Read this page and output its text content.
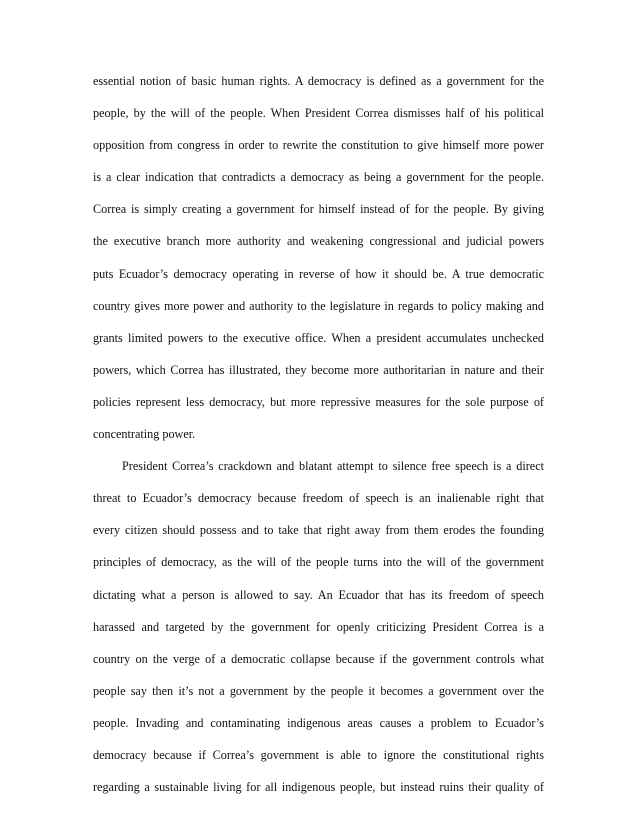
essential notion of basic human rights. A democracy is defined as a government for the
people, by the will of the people. When President Correa dismisses half of his political
opposition from congress in order to rewrite the constitution to give himself more power
is a clear indication that contradicts a democracy as being a government for the people.
Correa is simply creating a government for himself instead of for the people. By giving
the executive branch more authority and weakening congressional and judicial powers
puts Ecuador’s democracy operating in reverse of how it should be. A true democratic
country gives more power and authority to the legislature in regards to policy making and
grants limited powers to the executive office. When a president accumulates unchecked
powers, which Correa has illustrated, they become more authoritarian in nature and their
policies represent less democracy, but more repressive measures for the sole purpose of
concentrating power.
President Correa’s crackdown and blatant attempt to silence free speech is a direct
threat to Ecuador’s democracy because freedom of speech is an inalienable right that
every citizen should possess and to take that right away from them erodes the founding
principles of democracy, as the will of the people turns into the will of the government
dictating what a person is allowed to say. An Ecuador that has its freedom of speech
harassed and targeted by the government for openly criticizing President Correa is a
country on the verge of a democratic collapse because if the government controls what
people say then it’s not a government by the people it becomes a government over the
people. Invading and contaminating indigenous areas causes a problem to Ecuador’s
democracy because if Correa’s government is able to ignore the constitutional rights
regarding a sustainable living for all indigenous people, but instead ruins their quality of
